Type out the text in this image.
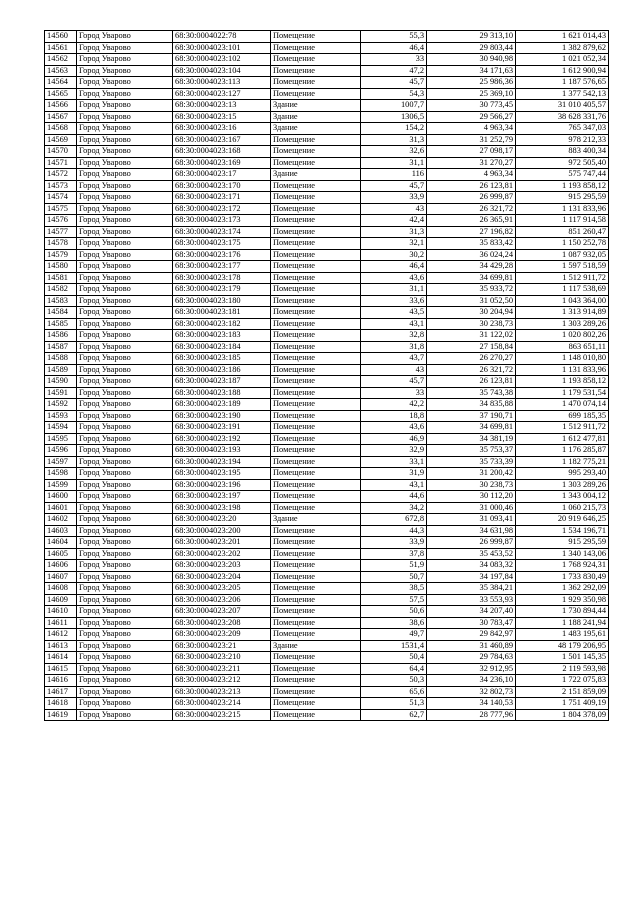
14560	Город Уварово	68:30:0004022:78	Помещение	55,3	29 313,10	1 621 014,43
14561	Город Уварово	68:30:0004023:101	Помещение	46,4	29 803,44	1 382 879,62
14562	Город Уварово	68:30:0004023:102	Помещение	33	30 940,98	1 021 052,34
14563	Город Уварово	68:30:0004023:104	Помещение	47,2	34 171,63	1 612 900,94
14564	Город Уварово	68:30:0004023:113	Помещение	45,7	25 986,36	1 187 576,65
14565	Город Уварово	68:30:0004023:127	Помещение	54,3	25 369,10	1 377 542,13
14566	Город Уварово	68:30:0004023:13	Здание	1007,7	30 773,45	31 010 405,57
14567	Город Уварово	68:30:0004023:15	Здание	1306,5	29 566,27	38 628 331,76
14568	Город Уварово	68:30:0004023:16	Здание	154,2	4 963,34	765 347,03
14569	Город Уварово	68:30:0004023:167	Помещение	31,3	31 252,79	978 212,33
14570	Город Уварово	68:30:0004023:168	Помещение	32,6	27 098,17	883 400,34
14571	Город Уварово	68:30:0004023:169	Помещение	31,1	31 270,27	972 505,40
14572	Город Уварово	68:30:0004023:17	Здание	116	4 963,34	575 747,44
14573	Город Уварово	68:30:0004023:170	Помещение	45,7	26 123,81	1 193 858,12
14574	Город Уварово	68:30:0004023:171	Помещение	33,9	26 999,87	915 295,59
14575	Город Уварово	68:30:0004023:172	Помещение	43	26 321,72	1 131 833,96
14576	Город Уварово	68:30:0004023:173	Помещение	42,4	26 365,91	1 117 914,58
14577	Город Уварово	68:30:0004023:174	Помещение	31,3	27 196,82	851 260,47
14578	Город Уварово	68:30:0004023:175	Помещение	32,1	35 833,42	1 150 252,78
14579	Город Уварово	68:30:0004023:176	Помещение	30,2	36 024,24	1 087 932,05
14580	Город Уварово	68:30:0004023:177	Помещение	46,4	34 429,28	1 597 518,59
14581	Город Уварово	68:30:0004023:178	Помещение	43,6	34 699,81	1 512 911,72
14582	Город Уварово	68:30:0004023:179	Помещение	31,1	35 933,72	1 117 538,69
14583	Город Уварово	68:30:0004023:180	Помещение	33,6	31 052,50	1 043 364,00
14584	Город Уварово	68:30:0004023:181	Помещение	43,5	30 204,94	1 313 914,89
14585	Город Уварово	68:30:0004023:182	Помещение	43,1	30 238,73	1 303 289,26
14586	Город Уварово	68:30:0004023:183	Помещение	32,8	31 122,02	1 020 802,26
14587	Город Уварово	68:30:0004023:184	Помещение	31,8	27 158,84	863 651,11
14588	Город Уварово	68:30:0004023:185	Помещение	43,7	26 270,27	1 148 010,80
14589	Город Уварово	68:30:0004023:186	Помещение	43	26 321,72	1 131 833,96
14590	Город Уварово	68:30:0004023:187	Помещение	45,7	26 123,81	1 193 858,12
14591	Город Уварово	68:30:0004023:188	Помещение	33	35 743,38	1 179 531,54
14592	Город Уварово	68:30:0004023:189	Помещение	42,2	34 835,88	1 470 074,14
14593	Город Уварово	68:30:0004023:190	Помещение	18,8	37 190,71	699 185,35
14594	Город Уварово	68:30:0004023:191	Помещение	43,6	34 699,81	1 512 911,72
14595	Город Уварово	68:30:0004023:192	Помещение	46,9	34 381,19	1 612 477,81
14596	Город Уварово	68:30:0004023:193	Помещение	32,9	35 753,37	1 176 285,87
14597	Город Уварово	68:30:0004023:194	Помещение	33,1	35 733,39	1 182 775,21
14598	Город Уварово	68:30:0004023:195	Помещение	31,9	31 200,42	995 293,40
14599	Город Уварово	68:30:0004023:196	Помещение	43,1	30 238,73	1 303 289,26
14600	Город Уварово	68:30:0004023:197	Помещение	44,6	30 112,20	1 343 004,12
14601	Город Уварово	68:30:0004023:198	Помещение	34,2	31 000,46	1 060 215,73
14602	Город Уварово	68:30:0004023:20	Здание	672,8	31 093,41	20 919 646,25
14603	Город Уварово	68:30:0004023:200	Помещение	44,3	34 631,98	1 534 196,71
14604	Город Уварово	68:30:0004023:201	Помещение	33,9	26 999,87	915 295,59
14605	Город Уварово	68:30:0004023:202	Помещение	37,8	35 453,52	1 340 143,06
14606	Город Уварово	68:30:0004023:203	Помещение	51,9	34 083,32	1 768 924,31
14607	Город Уварово	68:30:0004023:204	Помещение	50,7	34 197,84	1 733 830,49
14608	Город Уварово	68:30:0004023:205	Помещение	38,5	35 384,21	1 362 292,09
14609	Город Уварово	68:30:0004023:206	Помещение	57,5	33 553,93	1 929 350,98
14610	Город Уварово	68:30:0004023:207	Помещение	50,6	34 207,40	1 730 894,44
14611	Город Уварово	68:30:0004023:208	Помещение	38,6	30 783,47	1 188 241,94
14612	Город Уварово	68:30:0004023:209	Помещение	49,7	29 842,97	1 483 195,61
14613	Город Уварово	68:30:0004023:21	Здание	1531,4	31 460,89	48 179 206,95
14614	Город Уварово	68:30:0004023:210	Помещение	50,4	29 784,63	1 501 145,35
14615	Город Уварово	68:30:0004023:211	Помещение	64,4	32 912,95	2 119 593,98
14616	Город Уварово	68:30:0004023:212	Помещение	50,3	34 236,10	1 722 075,83
14617	Город Уварово	68:30:0004023:213	Помещение	65,6	32 802,73	2 151 859,09
14618	Город Уварово	68:30:0004023:214	Помещение	51,3	34 140,53	1 751 409,19
14619	Город Уварово	68:30:0004023:215	Помещение	62,7	28 777,96	1 804 378,09
